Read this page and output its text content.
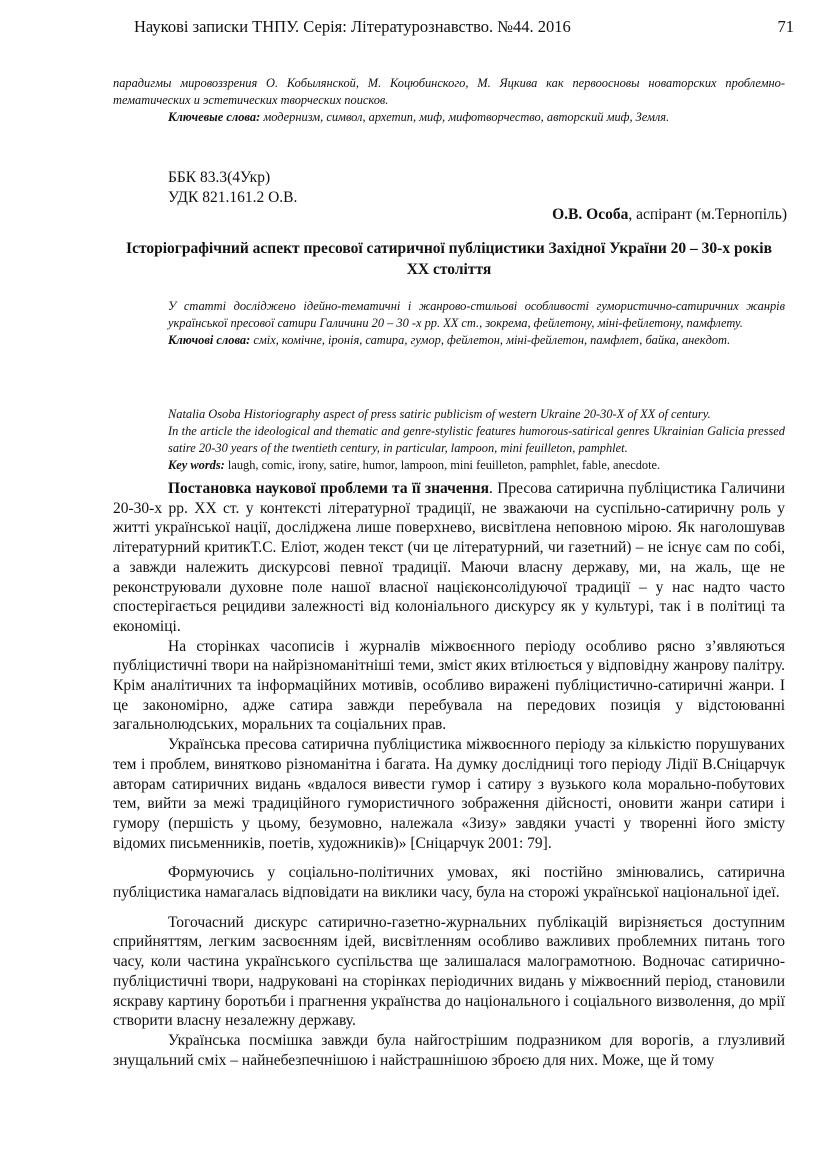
Наукові записки ТНПУ. Серія: Літературознавство. №44. 2016	71

парадигмы мировоззрения О. Кобылянской, М. Коцюбинского, М. Яцкива как первоосновы новаторских проблемно-тематических и эстетических творческих поисков.

Ключевые слова: модернизм, символ, архетип, миф, мифотворчество, авторский миф, Земля.

ББК 83.3(4Укр)
УДК 821.161.2 О.В.
О.В. Особа, аспірант (м.Тернопіль)
Історіографічний аспект пресової сатиричної публіцистики Західної України 20 – 30-х років ХХ століття

У статті досліджено ідейно-тематичні і жанрово-стильові особливості гумористично-сатиричних жанрів української пресової сатири Галичини 20 – 30 -х рр. ХХ ст., зокрема, фейлетону, міні-фейлетону, памфлету.

Ключові слова: сміх, комічне, іронія, сатира, гумор, фейлетон, міні-фейлетон, памфлет, байка, анекдот.

Natalia Osoba Historiography aspect of press satiric publicism of western Ukraine 20-30-X of XX of century.

In the article the ideological and thematic and genre-stylistic features humorous-satirical genres Ukrainian Galicia pressed satire 20-30 years of the twentieth century, in particular, lampoon, mini feuilleton, pamphlet.

Key words: laugh, comic, irony, satire, humor, lampoon, mini feuilleton, pamphlet, fable, anecdote.

Постановка наукової проблеми та її значення. Пресова сатирична публіцистика Галичини 20-30-х рр. ХХ ст. у контексті літературної традиції, не зважаючи на суспільно-сатиричну роль у житті української нації, досліджена лише поверхнево, висвітлена неповною мірою. Як наголошував літературний критикТ.С. Еліот, жоден текст (чи це літературний, чи газетний) – не існує сам по собі, а завжди належить дискурсові певної традиції. Маючи власну державу, ми, на жаль, ще не реконструювали духовне поле нашої власної націєконсолідуючої традиції – у нас надто часто спостерігається рецидиви залежності від колоніального дискурсу як у культурі, так і в політиці та економіці.

На сторінках часописів і журналів міжвоєнного періоду особливо рясно з’являються публіцистичні твори на найрізноманітніші теми, зміст яких втілюється у відповідну жанрову палітру. Крім аналітичних та інформаційних мотивів, особливо виражені публіцистично-сатиричні жанри. І це закономірно, адже сатира завжди перебувала на передових позиція у відстоюванні загальнолюдських, моральних та соціальних прав.

Українська пресова сатирична публіцистика міжвоєнного періоду за кількістю порушуваних тем і проблем, винятково різноманітна і багата. На думку дослідниці того періоду Лідії В.Сніцарчук авторам сатиричних видань «вдалося вивести гумор і сатиру з вузького кола морально-побутових тем, вийти за межі традиційного гумористичного зображення дійсності, оновити жанри сатири і гумору (першість у цьому, безумовно, належала «Зизу» завдяки участі у творенні його змісту відомих письменників, поетів, художників)» [Сніцарчук 2001: 79].

Формуючись у соціально-політичних умовах, які постійно змінювались, сатирична публіцистика намагалась відповідати на виклики часу, була на сторожі української національної ідеї.

Тогочасний дискурс сатирично-газетно-журнальних публікацій вирізняється доступним сприйняттям, легким засвоєнням ідей, висвітленням особливо важливих проблемних питань того часу, коли частина українського суспільства ще залишалася малограмотною. Водночас сатирично-публіцистичні твори, надруковані на сторінках періодичних видань у міжвоєнний період, становили яскраву картину боротьби і прагнення українства до національного і соціального визволення, до мрії створити власну незалежну державу.

Українська посмішка завжди була найгострішим подразником для ворогів, а глузливий знущальний сміх – найнебезпечнішою і найстрашнішою зброєю для них. Може, ще й тому
